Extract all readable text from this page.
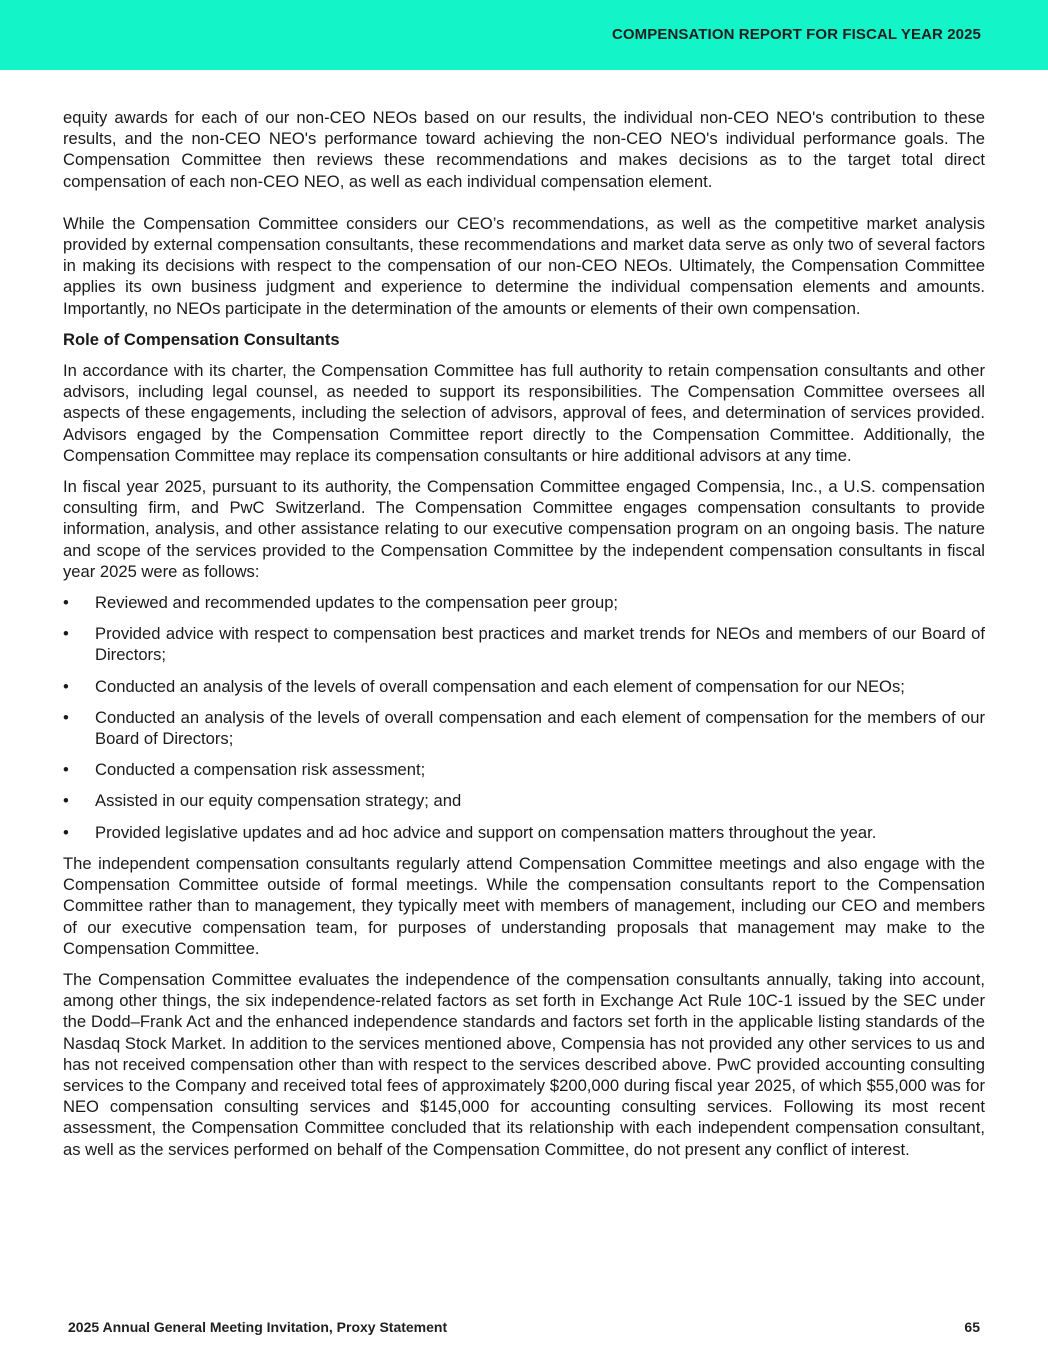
COMPENSATION REPORT FOR FISCAL YEAR 2025

equity awards for each of our non-CEO NEOs based on our results, the individual non-CEO NEO's contribution to these results, and the non-CEO NEO's performance toward achieving the non-CEO NEO's individual performance goals. The Compensation Committee then reviews these recommendations and makes decisions as to the target total direct compensation of each non-CEO NEO, as well as each individual compensation element.

While the Compensation Committee considers our CEO’s recommendations, as well as the competitive market analysis provided by external compensation consultants, these recommendations and market data serve as only two of several factors in making its decisions with respect to the compensation of our non-CEO NEOs. Ultimately, the Compensation Committee applies its own business judgment and experience to determine the individual compensation elements and amounts. Importantly, no NEOs participate in the determination of the amounts or elements of their own compensation.

Role of Compensation Consultants

In accordance with its charter, the Compensation Committee has full authority to retain compensation consultants and other advisors, including legal counsel, as needed to support its responsibilities. The Compensation Committee oversees all aspects of these engagements, including the selection of advisors, approval of fees, and determination of services provided. Advisors engaged by the Compensation Committee report directly to the Compensation Committee. Additionally, the Compensation Committee may replace its compensation consultants or hire additional advisors at any time.

In fiscal year 2025, pursuant to its authority, the Compensation Committee engaged Compensia, Inc., a U.S. compensation consulting firm, and PwC Switzerland. The Compensation Committee engages compensation consultants to provide information, analysis, and other assistance relating to our executive compensation program on an ongoing basis. The nature and scope of the services provided to the Compensation Committee by the independent compensation consultants in fiscal year 2025 were as follows:

• Reviewed and recommended updates to the compensation peer group;
• Provided advice with respect to compensation best practices and market trends for NEOs and members of our Board of Directors;
• Conducted an analysis of the levels of overall compensation and each element of compensation for our NEOs;
• Conducted an analysis of the levels of overall compensation and each element of compensation for the members of our Board of Directors;
• Conducted a compensation risk assessment;
• Assisted in our equity compensation strategy; and
• Provided legislative updates and ad hoc advice and support on compensation matters throughout the year.

The independent compensation consultants regularly attend Compensation Committee meetings and also engage with the Compensation Committee outside of formal meetings. While the compensation consultants report to the Compensation Committee rather than to management, they typically meet with members of management, including our CEO and members of our executive compensation team, for purposes of understanding proposals that management may make to the Compensation Committee.

The Compensation Committee evaluates the independence of the compensation consultants annually, taking into account, among other things, the six independence-related factors as set forth in Exchange Act Rule 10C-1 issued by the SEC under the Dodd–Frank Act and the enhanced independence standards and factors set forth in the applicable listing standards of the Nasdaq Stock Market. In addition to the services mentioned above, Compensia has not provided any other services to us and has not received compensation other than with respect to the services described above. PwC provided accounting consulting services to the Company and received total fees of approximately $200,000 during fiscal year 2025, of which $55,000 was for NEO compensation consulting services and $145,000 for accounting consulting services. Following its most recent assessment, the Compensation Committee concluded that its relationship with each independent compensation consultant, as well as the services performed on behalf of the Compensation Committee, do not present any conflict of interest.

2025 Annual General Meeting Invitation, Proxy Statement	65
